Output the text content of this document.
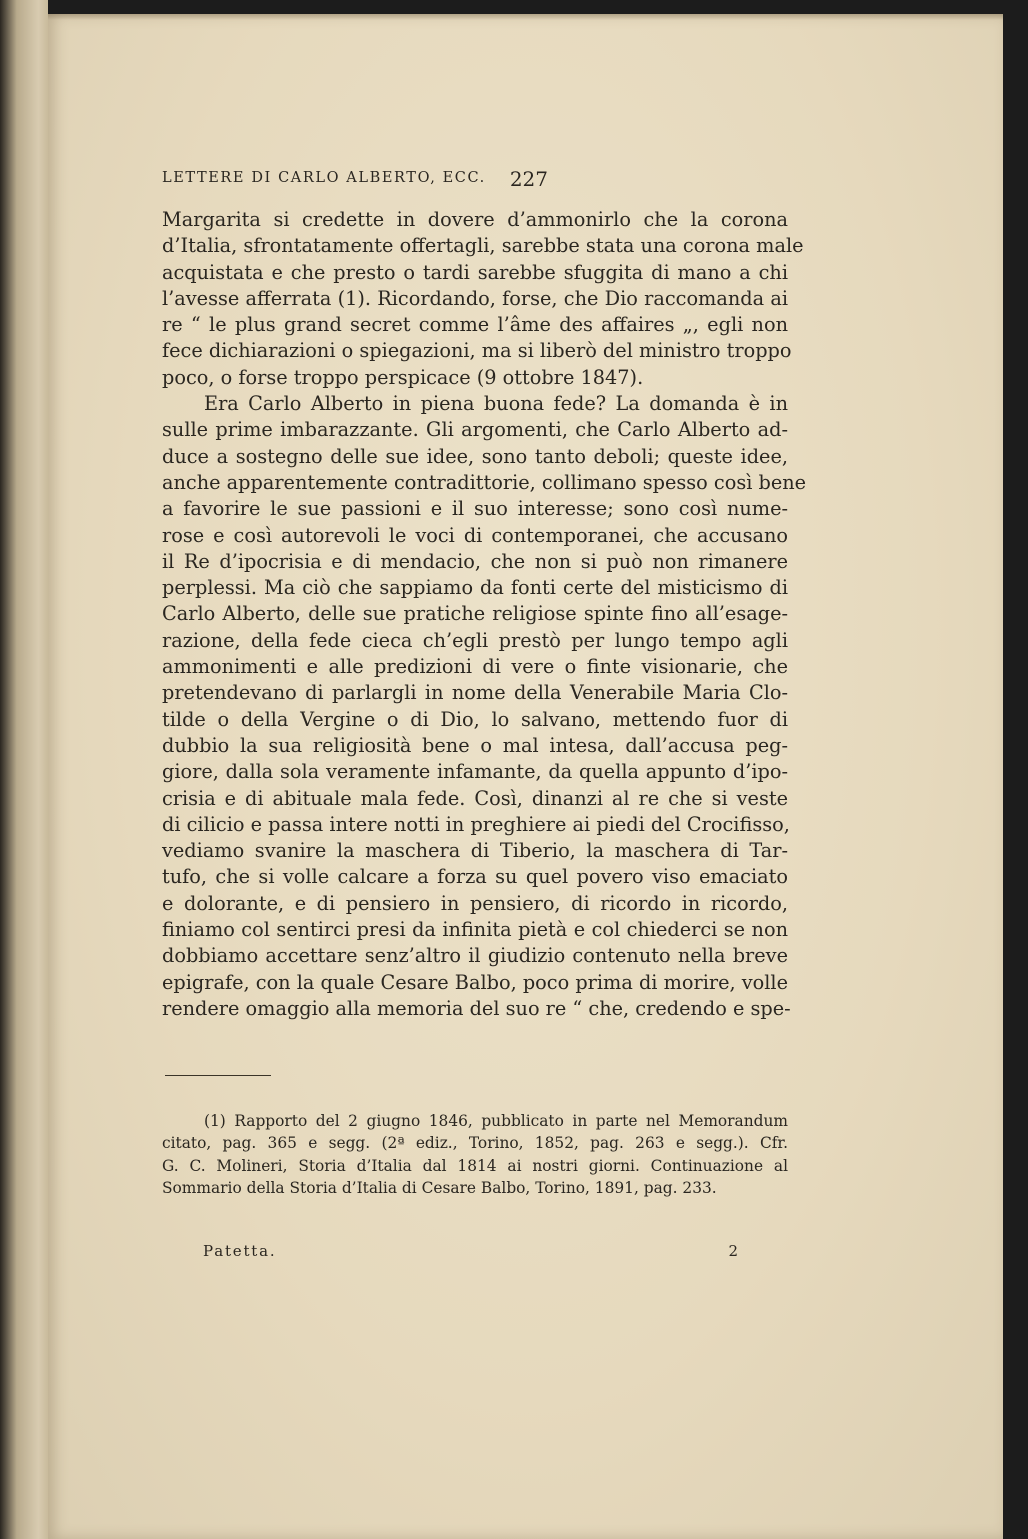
LETTERE DI CARLO ALBERTO, ECC. 227
Margarita si credette in dovere d’ammonirlo che la corona
d’Italia, sfrontatamente offertagli, sarebbe stata una corona male
acquistata e che presto o tardi sarebbe sfuggita di mano a chi
l’avesse afferrata (1). Ricordando, forse, che Dio raccomanda ai
re “ le plus grand secret comme l’âme des affaires „, egli non
fece dichiarazioni o spiegazioni, ma si liberò del ministro troppo
poco, o forse troppo perspicace (9 ottobre 1847).
Era Carlo Alberto in piena buona fede? La domanda è in
sulle prime imbarazzante. Gli argomenti, che Carlo Alberto ad-
duce a sostegno delle sue idee, sono tanto deboli; queste idee,
anche apparentemente contradittorie, collimano spesso così bene
a favorire le sue passioni e il suo interesse; sono così nume-
rose e così autorevoli le voci di contemporanei, che accusano
il Re d’ipocrisia e di mendacio, che non si può non rimanere
perplessi. Ma ciò che sappiamo da fonti certe del misticismo di
Carlo Alberto, delle sue pratiche religiose spinte fino all’esage-
razione, della fede cieca ch’egli prestò per lungo tempo agli
ammonimenti e alle predizioni di vere o finte visionarie, che
pretendevano di parlargli in nome della Venerabile Maria Clo-
tilde o della Vergine o di Dio, lo salvano, mettendo fuor di
dubbio la sua religiosità bene o mal intesa, dall’accusa peg-
giore, dalla sola veramente infamante, da quella appunto d’ipo-
crisia e di abituale mala fede. Così, dinanzi al re che si veste
di cilicio e passa intere notti in preghiere ai piedi del Crocifisso,
vediamo svanire la maschera di Tiberio, la maschera di Tar-
tufo, che si volle calcare a forza su quel povero viso emaciato
e dolorante, e di pensiero in pensiero, di ricordo in ricordo,
finiamo col sentirci presi da infinita pietà e col chiederci se non
dobbiamo accettare senz’altro il giudizio contenuto nella breve
epigrafe, con la quale Cesare Balbo, poco prima di morire, volle
rendere omaggio alla memoria del suo re “ che, credendo e spe-
(1) Rapporto del 2 giugno 1846, pubblicato in parte nel Memorandum
citato, pag. 365 e segg. (2ª ediz., Torino, 1852, pag. 263 e segg.). Cfr.
G. C. Molineri, Storia d’Italia dal 1814 ai nostri giorni. Continuazione al
Sommario della Storia d’Italia di Cesare Balbo, Torino, 1891, pag. 233.
Patetta.	2
